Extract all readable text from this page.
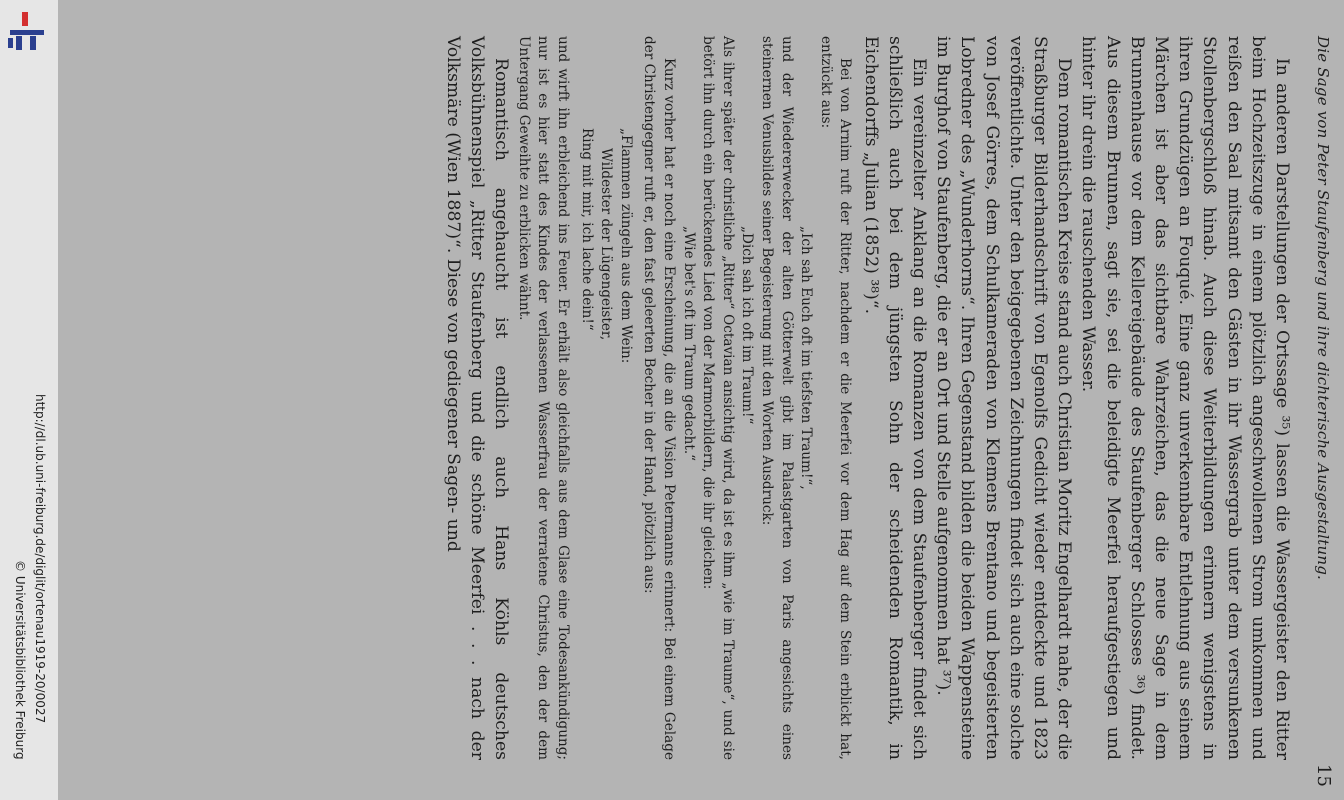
http://dl.ub.uni-freiburg.de/diglit/ortenau1919-20/0027
© Universitätsbibliothek Freiburg
Die Sage von Peter Staufenberg und ihre dichterische Ausgestaltung.
15

In anderen Darstellungen der Ortssage ³⁵) lassen die Wassergeister den Ritter beim Hochzeitszuge in einem plötzlich angeschwollenen Strom umkommen und reißen den Saal mitsamt den Gästen in ihr Wassergrab unter dem versunkenen Stollenbergschloß hinab. Auch diese Weiterbildungen erinnern wenigstens in ihren Grundzügen an Fouqué. Eine ganz unverkennbare Entlehnung aus seinem Märchen ist aber das sichtbare Wahrzeichen, das die neue Sage in dem Brunnenhause vor dem Kellereigebäude des Staufenberger Schlosses ³⁶) findet. Aus diesem Brunnen, sagt sie, sei die beleidigte Meerfei heraufgestiegen und hinter ihr drein die rauschenden Wasser.

Dem romantischen Kreise stand auch Christian Moritz Engelhardt nahe, der die Straßburger Bilderhandschrift von Egenolfs Gedicht wieder entdeckte und 1823 veröffentlichte. Unter den beigegebenen Zeichnungen findet sich auch eine solche von Josef Görres, dem Schulkameraden von Klemens Brentano und begeisterten Lobredner des „Wunderhorns“. Ihren Gegenstand bilden die beiden Wappensteine im Burghof von Staufenberg, die er an Ort und Stelle aufgenommen hat ³⁷).

Ein vereinzelter Anklang an die Romanzen von dem Staufenberger findet sich schließlich auch bei dem jüngsten Sohn der scheidenden Romantik, in Eichendorffs „Julian (1852) ³⁸)“.

Bei von Arnim ruft der Ritter, nachdem er die Meerfei vor dem Hag auf dem Stein erblickt hat, entzückt aus:

„Ich sah Euch oft im tiefsten Traum!“,

und der Wiedererwecker der alten Götterwelt gibt im Palastgarten von Paris angesichts eines steinernen Venusbildes seiner Begeisterung mit den Worten Ausdruck:

„Dich sah ich oft im Traum!“

Als ihrer später der christliche „Ritter“ Octavian ansichtig wird, da ist es ihm „wie im Traume“, und sie betört ihn durch ein berückendes Lied von der Marmorbildern, die ihr gleichen:

„Wie bet's oft im Traum gedacht.“

Kurz vorher hat er noch eine Erscheinung, die an die Vision Petermanns erinnert: Bei einem Gelage der Christengegner ruft er, den fast geleerten Becher in der Hand, plötzlich aus:

„Flammen züngeln aus dem Wein:

Wildester der Lügengeister,

Ring mit mir, ich lache dein!“

und wirft ihn erbleichend ins Feuer. Er erhält also gleichfalls aus dem Glase eine Todesankündigung; nur ist es hier statt des Kindes der verlassenen Wasserfrau der verratene Christus, den der dem Untergang Geweihte zu erblicken wähnt.

Romantisch angehaucht ist endlich auch Hans Köhls deutsches Volksbühnenspiel „Ritter Staufenberg und die schöne Meerfei . . . nach der Volksmäre (Wien 1887)“. Diese von gediegener Sagen- und
